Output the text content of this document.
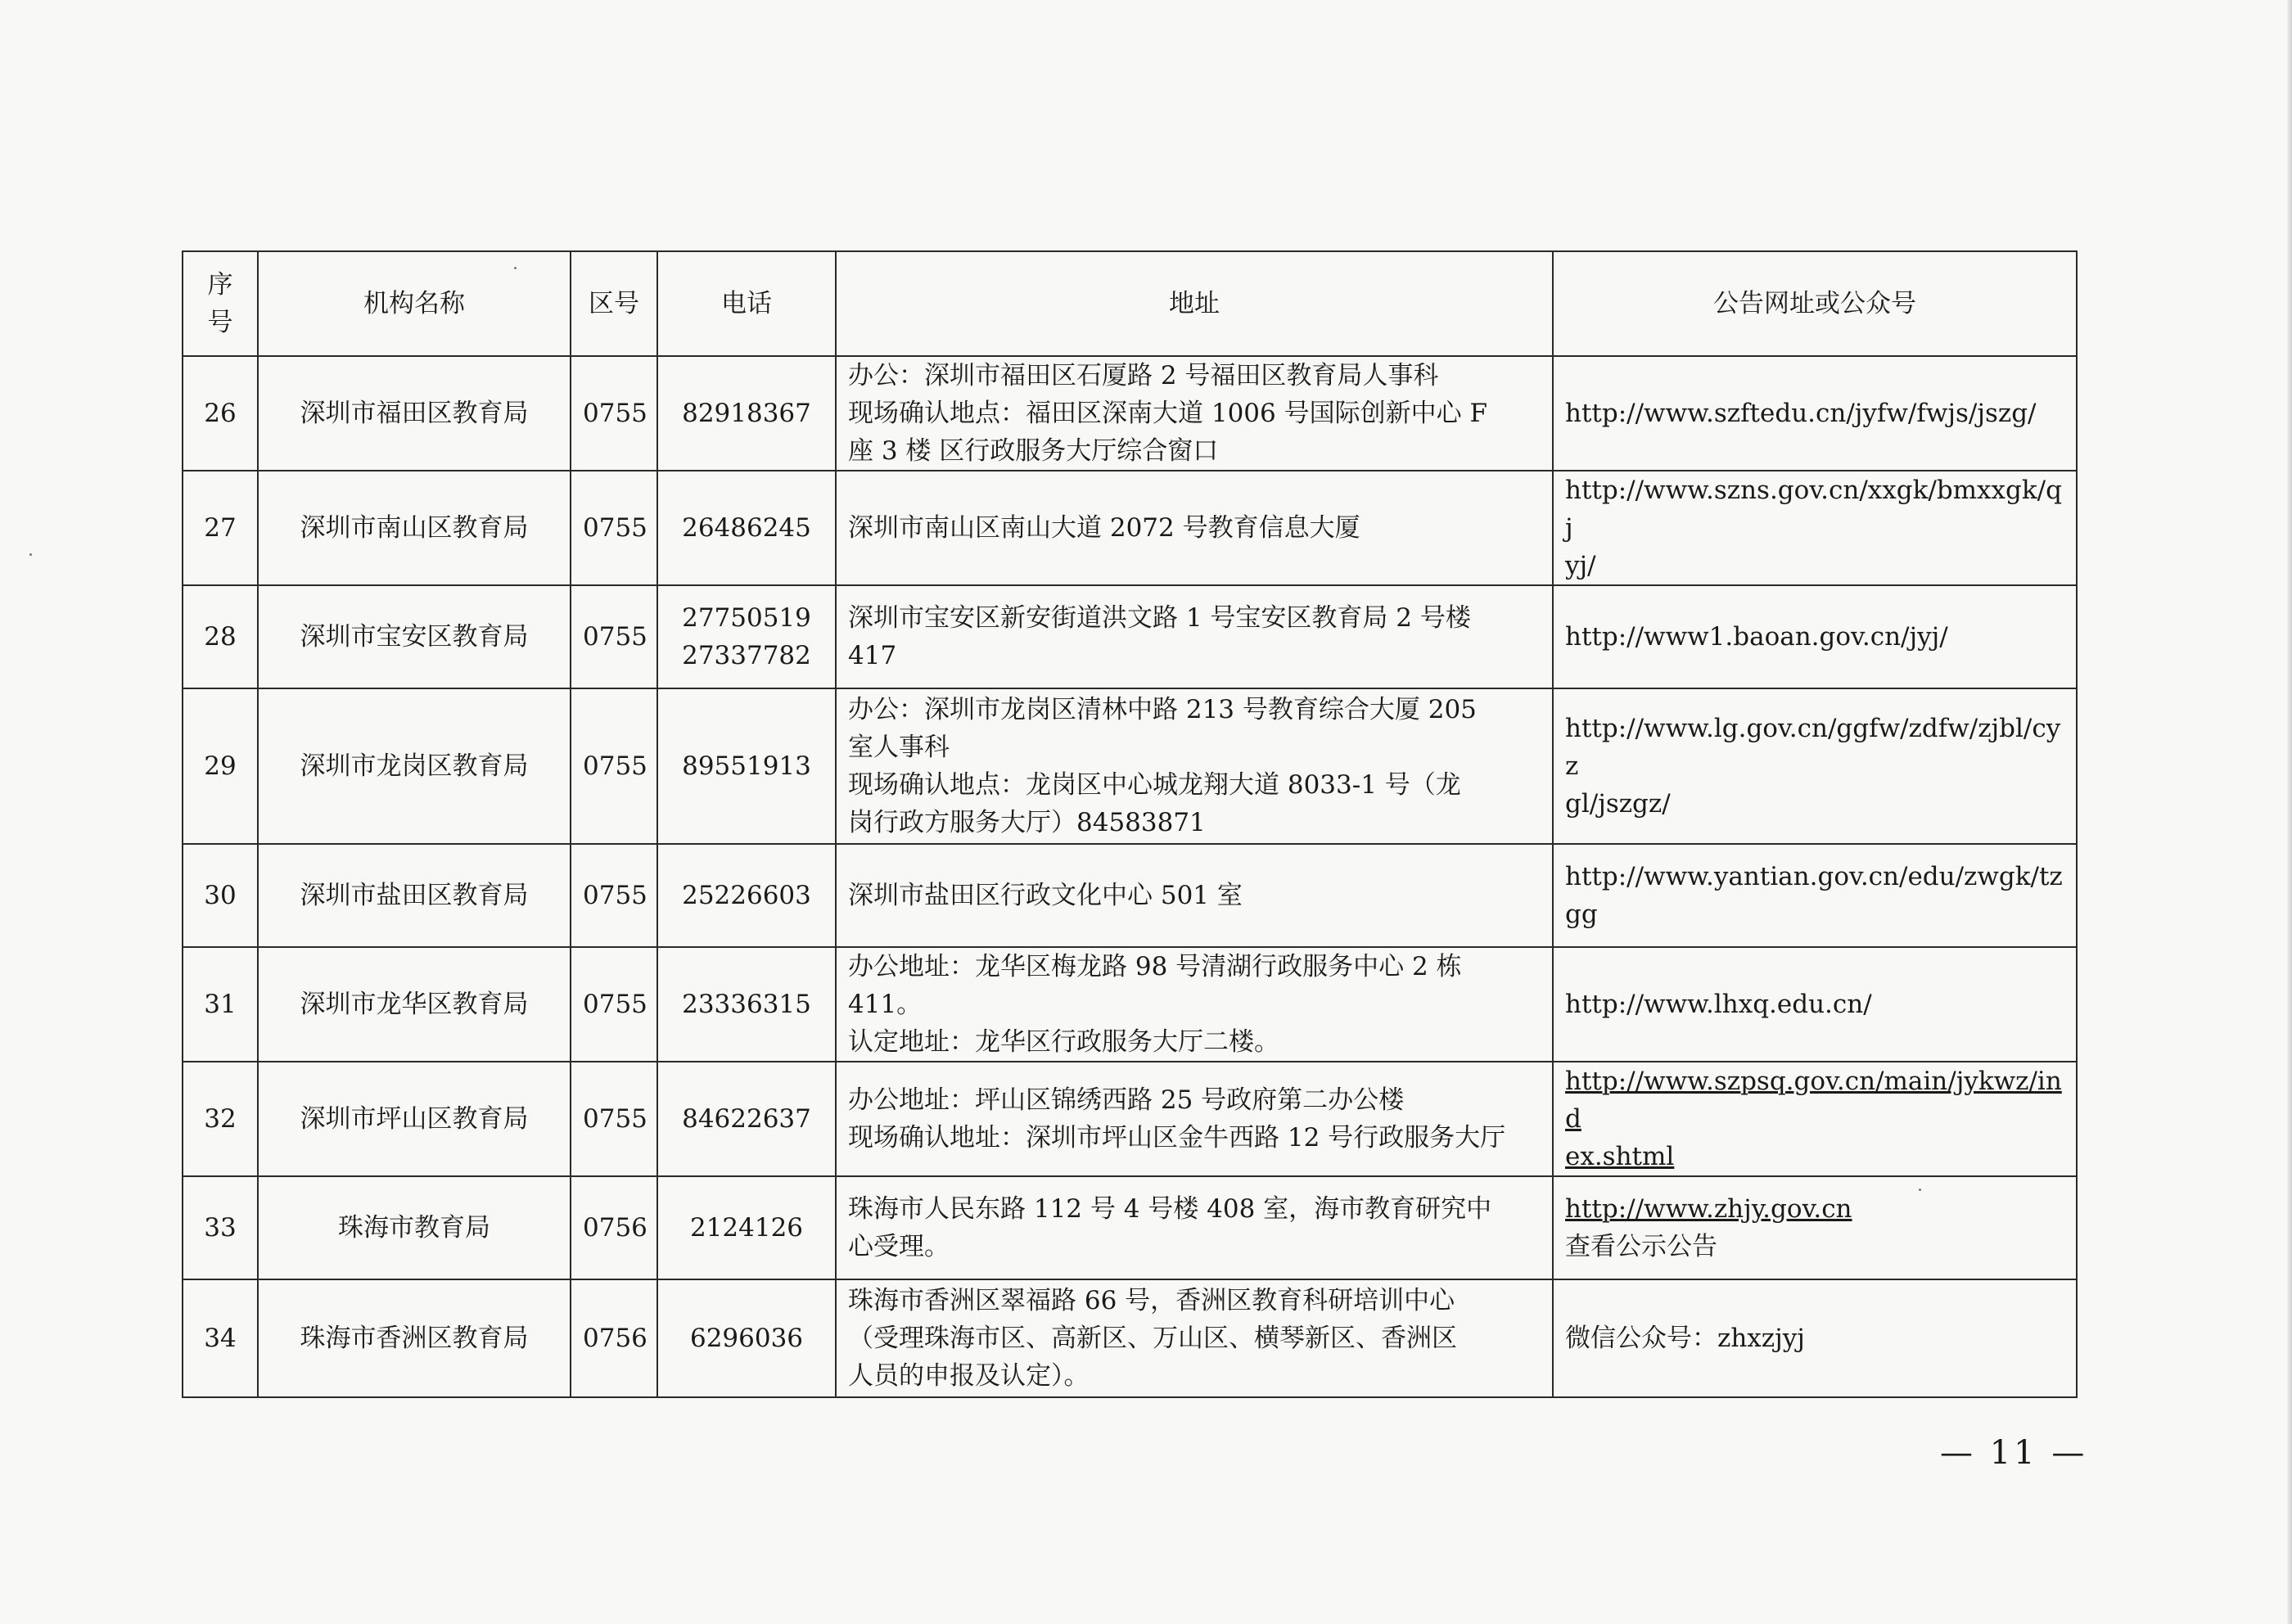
序
号	机构名称	区号	电话	地址	公告网址或公众号
26	深圳市福田区教育局	0755	82918367	办公：深圳市福田区石厦路 2 号福田区教育局人事科
现场确认地点：福田区深南大道 1006 号国际创新中心 F
座 3 楼 区行政服务大厅综合窗口	http://www.szftedu.cn/jyfw/fwjs/jszg/

27	深圳市南山区教育局	0755	26486245	深圳市南山区南山大道 2072 号教育信息大厦	http://www.szns.gov.cn/xxgk/bmxxgk/qj
yj/

28	深圳市宝安区教育局	0755	27750519
27337782	深圳市宝安区新安街道洪文路 1 号宝安区教育局 2 号楼
417	http://www1.baoan.gov.cn/jyj/

29	深圳市龙岗区教育局	0755	89551913	办公：深圳市龙岗区清林中路 213 号教育综合大厦 205
室人事科
现场确认地点：龙岗区中心城龙翔大道 8033-1 号（龙
岗行政方服务大厅）84583871	http://www.lg.gov.cn/ggfw/zdfw/zjbl/cyz
gl/jszgz/

30	深圳市盐田区教育局	0755	25226603	深圳市盐田区行政文化中心 501 室	http://www.yantian.gov.cn/edu/zwgk/tzgg

31	深圳市龙华区教育局	0755	23336315	办公地址：龙华区梅龙路 98 号清湖行政服务中心 2 栋
411。
认定地址：龙华区行政服务大厅二楼。	http://www.lhxq.edu.cn/

32	深圳市坪山区教育局	0755	84622637	办公地址：坪山区锦绣西路 25 号政府第二办公楼
现场确认地址：深圳市坪山区金牛西路 12 号行政服务大厅	http://www.szpsq.gov.cn/main/jykwz/ind
ex.shtml

33	珠海市教育局	0756	2124126	珠海市人民东路 112 号 4 号楼 408 室，海市教育研究中
心受理。	http://www.zhjy.gov.cn
查看公示公告

34	珠海市香洲区教育局	0756	6296036	珠海市香洲区翠福路 66 号，香洲区教育科研培训中心
（受理珠海市区、高新区、万山区、横琴新区、香洲区
人员的申报及认定）。	微信公众号：zhxzjyj
— 11 —
